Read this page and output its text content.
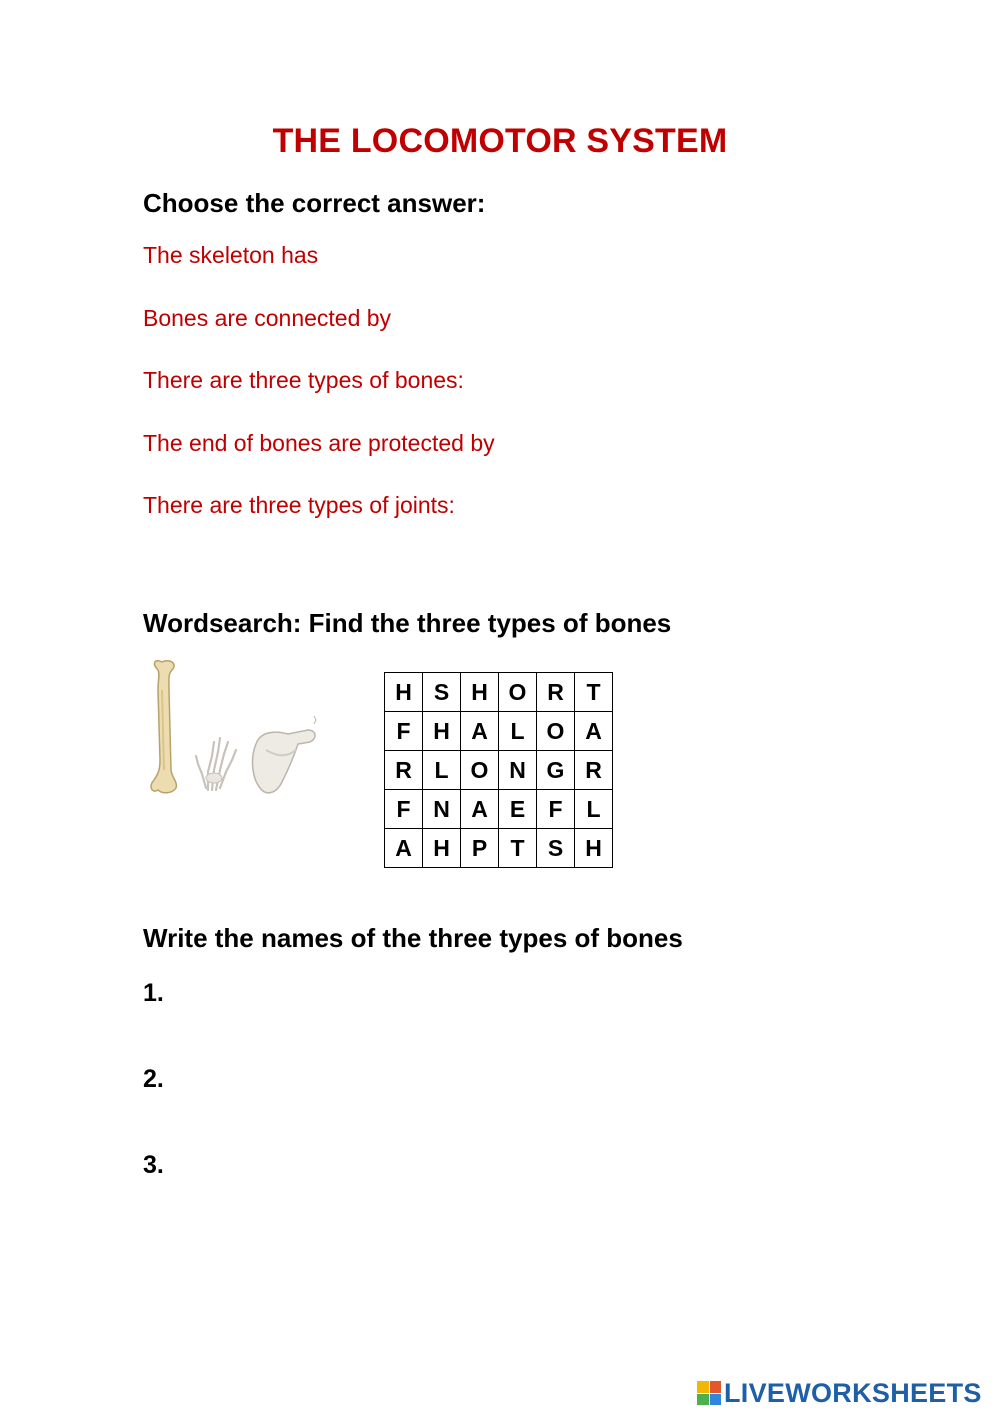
THE LOCOMOTOR SYSTEM
Choose the correct answer:
The skeleton has
Bones are connected by
There are three types of bones:
The end of bones are protected by
There are three types of joints:
Wordsearch: Find the three types of bones
H	S	H	O	R	T
F	H	A	L	O	A
R	L	O	N	G	R
F	N	A	E	F	L
A	H	P	T	S	H
Write the names of the three types of bones
1.
2.
3.
LIVEWORKSHEETS
